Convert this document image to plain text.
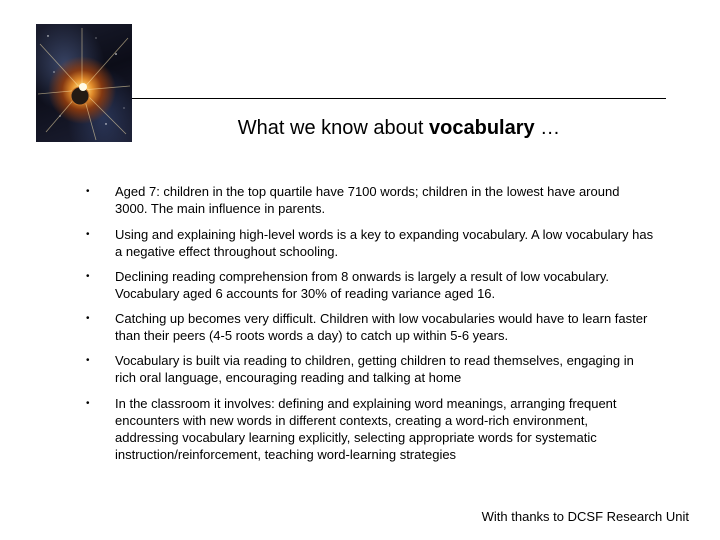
What we know about vocabulary …
• Aged 7: children in the top quartile have 7100 words; children in the lowest have around 3000. The main influence in parents.
• Using and explaining high-level words is a key to expanding vocabulary. A low vocabulary has a negative effect throughout schooling.
• Declining reading comprehension from 8 onwards is largely a result of low vocabulary. Vocabulary aged 6 accounts for 30% of reading variance aged 16.
• Catching up becomes very difficult. Children with low vocabularies would have to learn faster than their peers (4-5 roots words a day) to catch up within 5-6 years.
• Vocabulary is built via reading to children, getting children to read themselves, engaging in rich oral language, encouraging reading and talking at home
• In the classroom it involves: defining and explaining word meanings, arranging frequent encounters with new words in different contexts, creating a word-rich environment, addressing vocabulary learning explicitly, selecting appropriate words for systematic instruction/reinforcement, teaching word-learning strategies
With thanks to DCSF Research Unit
